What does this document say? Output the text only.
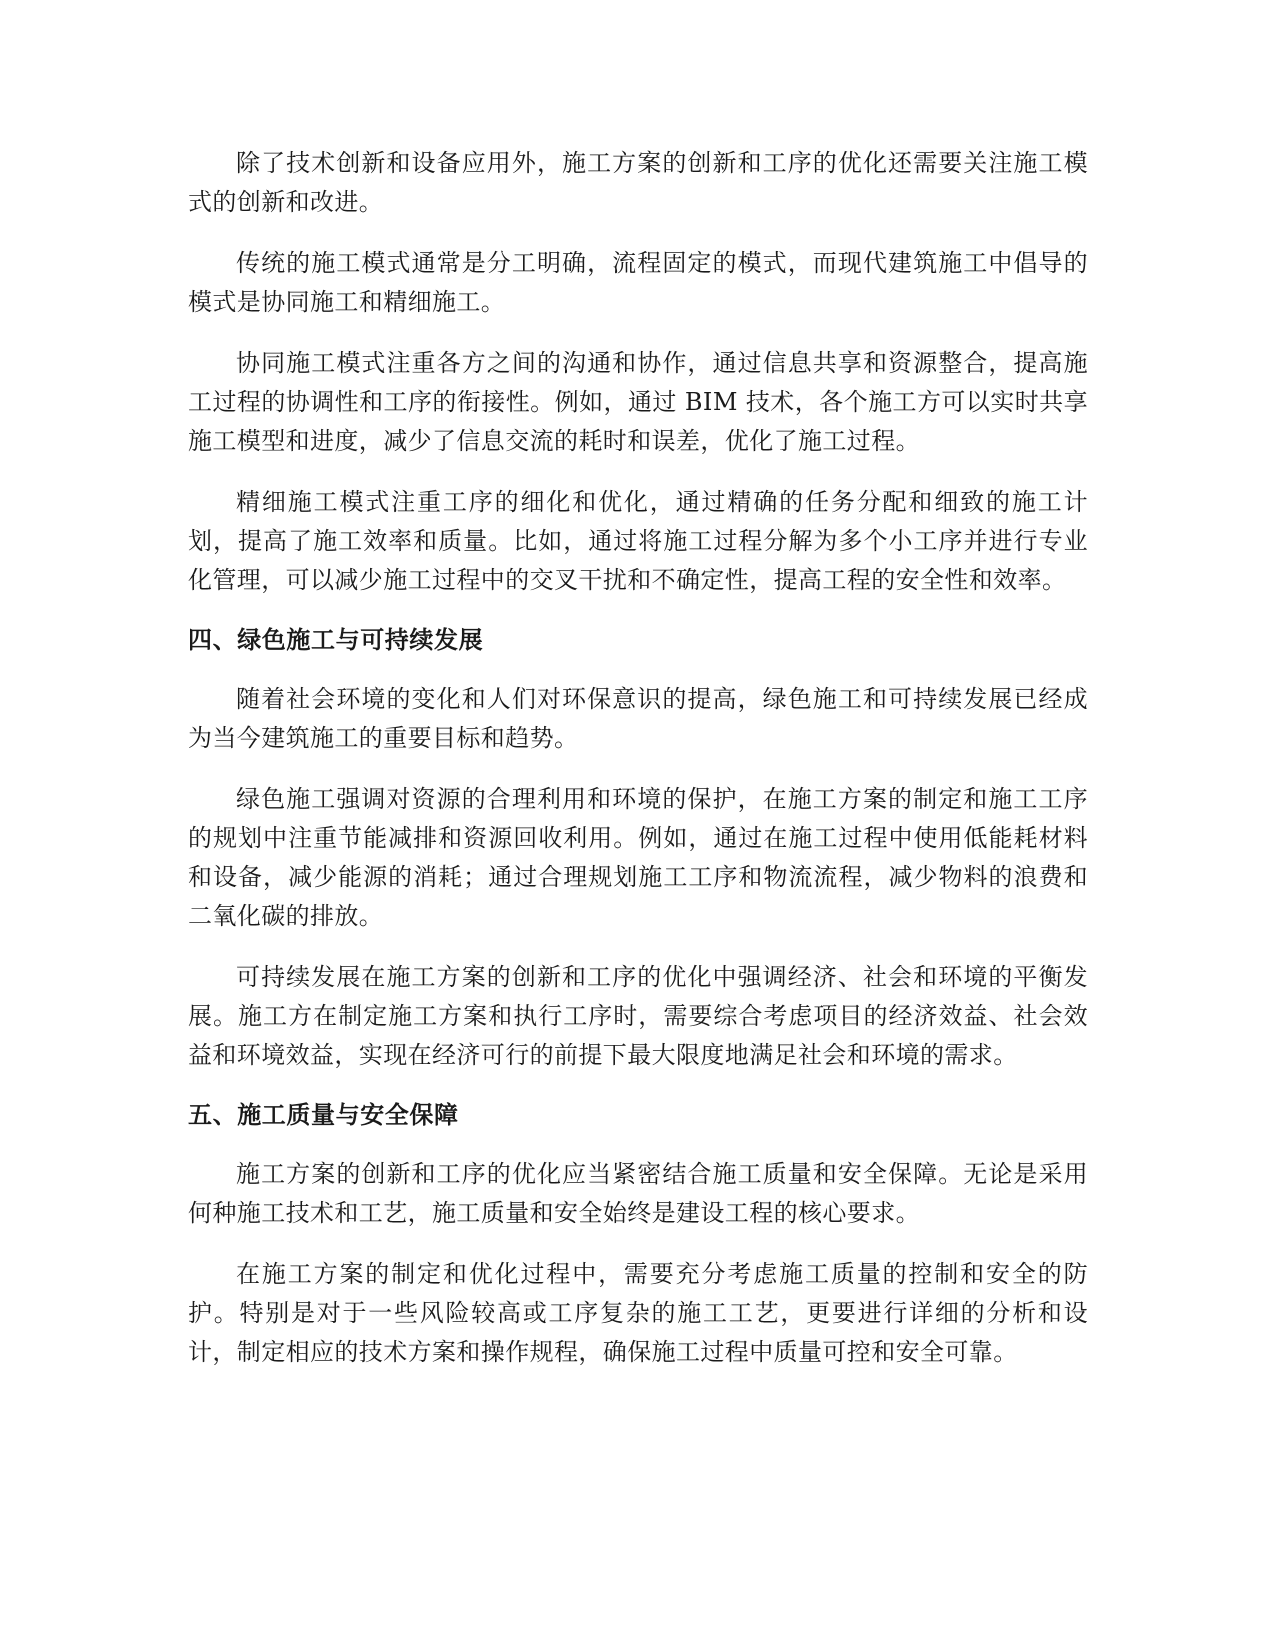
除了技术创新和设备应用外，施工方案的创新和工序的优化还需要关注施工模式的创新和改进。

传统的施工模式通常是分工明确，流程固定的模式，而现代建筑施工中倡导的模式是协同施工和精细施工。

协同施工模式注重各方之间的沟通和协作，通过信息共享和资源整合，提高施工过程的协调性和工序的衔接性。例如，通过 BIM 技术，各个施工方可以实时共享施工模型和进度，减少了信息交流的耗时和误差，优化了施工过程。

精细施工模式注重工序的细化和优化，通过精确的任务分配和细致的施工计划，提高了施工效率和质量。比如，通过将施工过程分解为多个小工序并进行专业化管理，可以减少施工过程中的交叉干扰和不确定性，提高工程的安全性和效率。

四、绿色施工与可持续发展

随着社会环境的变化和人们对环保意识的提高，绿色施工和可持续发展已经成为当今建筑施工的重要目标和趋势。

绿色施工强调对资源的合理利用和环境的保护，在施工方案的制定和施工工序的规划中注重节能减排和资源回收利用。例如，通过在施工过程中使用低能耗材料和设备，减少能源的消耗；通过合理规划施工工序和物流流程，减少物料的浪费和二氧化碳的排放。

可持续发展在施工方案的创新和工序的优化中强调经济、社会和环境的平衡发展。施工方在制定施工方案和执行工序时，需要综合考虑项目的经济效益、社会效益和环境效益，实现在经济可行的前提下最大限度地满足社会和环境的需求。

五、施工质量与安全保障

施工方案的创新和工序的优化应当紧密结合施工质量和安全保障。无论是采用何种施工技术和工艺，施工质量和安全始终是建设工程的核心要求。

在施工方案的制定和优化过程中，需要充分考虑施工质量的控制和安全的防护。特别是对于一些风险较高或工序复杂的施工工艺，更要进行详细的分析和设计，制定相应的技术方案和操作规程，确保施工过程中质量可控和安全可靠。
